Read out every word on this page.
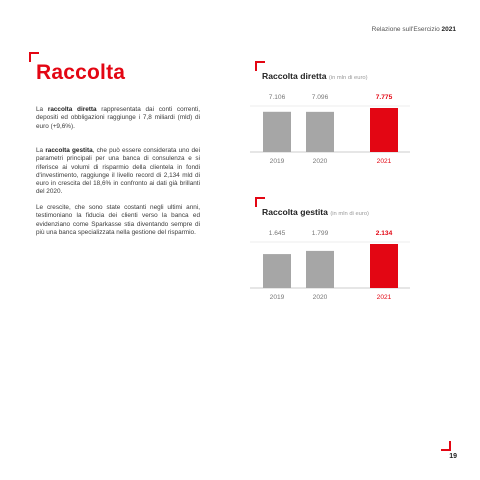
Relazione sull'Esercizio 2021
Raccolta

La raccolta diretta rappresentata dai conti correnti, depositi ed obbligazioni raggiunge i 7,8 miliardi (mld) di euro (+9,6%).

La raccolta gestita, che può essere considerata uno dei parametri principali per una banca di consulenza e si riferisce ai volumi di risparmio della clientela in fondi d'investimento, raggiunge il livello record di 2,134 mld di euro in crescita del 18,6% in confronto ai dati già brillanti del 2020.

Le crescite, che sono state costanti negli ultimi anni, testimoniano la fiducia dei clienti verso la banca ed evidenziano come Sparkasse stia diventando sempre di più una banca specializzata nella gestione del risparmio.

Raccolta diretta (in mln di euro)
7.106
2019
7.096
2020
7.775
2021
Raccolta gestita (in mln di euro)
1.645
2019
1.799
2020
2.134
2021
19
